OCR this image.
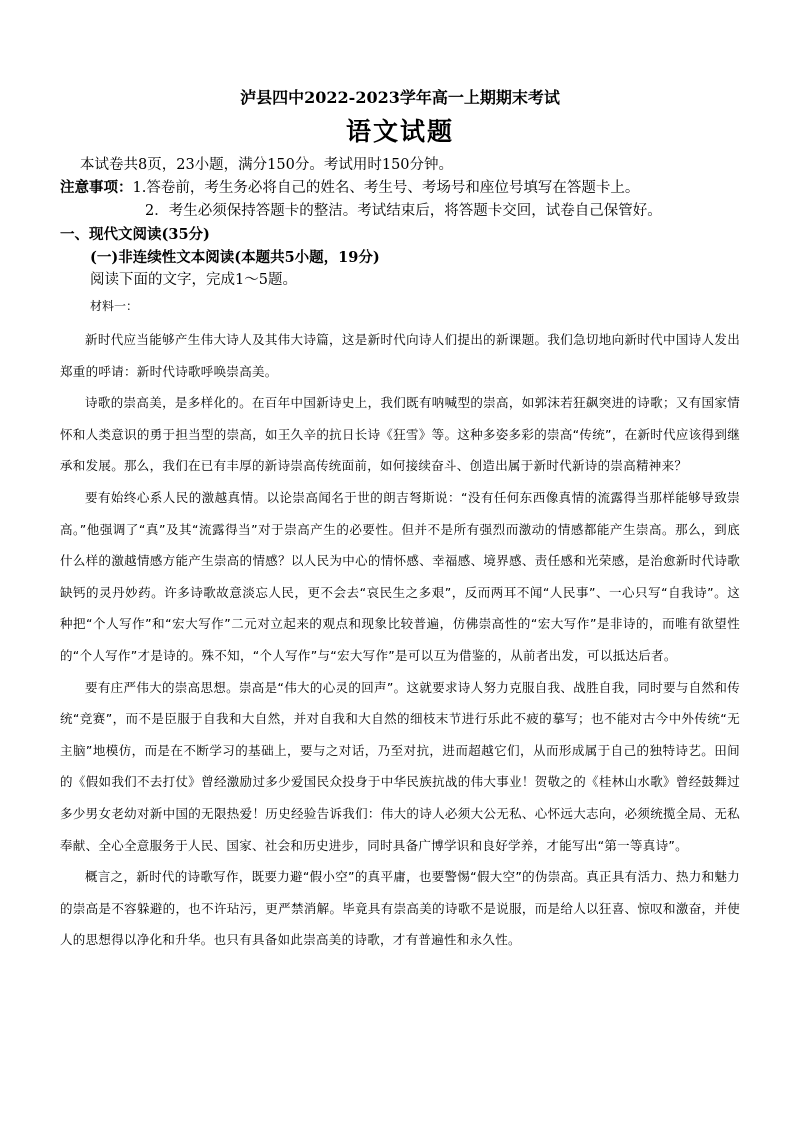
泸县四中2022-2023学年高一上期期末考试

语文试题

本试卷共8页，23小题，满分150分。考试用时150分钟。

注意事项：1.答卷前，考生务必将自己的姓名、考生号、考场号和座位号填写在答题卡上。
2．考生必须保持答题卡的整洁。考试结束后，将答题卡交回，试卷自己保管好。

一、现代文阅读(35分)

(一)非连续性文本阅读(本题共5小题，19分)

阅读下面的文字，完成1～5题。

材料一：

新时代应当能够产生伟大诗人及其伟大诗篇，这是新时代向诗人们提出的新课题。我们急切地向新时代中国诗人发出郑重的呼请：新时代诗歌呼唤崇高美。

诗歌的崇高美，是多样化的。在百年中国新诗史上，我们既有呐喊型的崇高，如郭沫若狂飙突进的诗歌；又有国家情怀和人类意识的勇于担当型的崇高，如王久辛的抗日长诗《狂雪》等。这种多姿多彩的崇高“传统”，在新时代应该得到继承和发展。那么，我们在已有丰厚的新诗崇高传统面前，如何接续奋斗、创造出属于新时代新诗的崇高精神来？

要有始终心系人民的激越真情。以论崇高闻名于世的朗吉弩斯说：“没有任何东西像真情的流露得当那样能够导致崇高。”他强调了“真”及其“流露得当”对于崇高产生的必要性。但并不是所有强烈而激动的情感都能产生崇高。那么，到底什么样的激越情感方能产生崇高的情感？以人民为中心的情怀感、幸福感、境界感、责任感和光荣感，是治愈新时代诗歌缺钙的灵丹妙药。许多诗歌故意淡忘人民，更不会去“哀民生之多艰”，反而两耳不闻“人民事”、一心只写“自我诗”。这种把“个人写作”和“宏大写作”二元对立起来的观点和现象比较普遍，仿佛崇高性的“宏大写作”是非诗的，而唯有欲望性的“个人写作”才是诗的。殊不知，“个人写作”与“宏大写作”是可以互为借鉴的，从前者出发，可以抵达后者。

要有庄严伟大的崇高思想。崇高是“伟大的心灵的回声”。这就要求诗人努力克服自我、战胜自我，同时要与自然和传统“竞赛”，而不是臣服于自我和大自然，并对自我和大自然的细枝末节进行乐此不疲的摹写；也不能对古今中外传统“无主脑”地模仿，而是在不断学习的基础上，要与之对话，乃至对抗，进而超越它们，从而形成属于自己的独特诗艺。田间的《假如我们不去打仗》曾经激励过多少爱国民众投身于中华民族抗战的伟大事业！贺敬之的《桂林山水歌》曾经鼓舞过多少男女老幼对新中国的无限热爱！历史经验告诉我们：伟大的诗人必须大公无私、心怀远大志向，必须统揽全局、无私奉献、全心全意服务于人民、国家、社会和历史进步，同时具备广博学识和良好学养，才能写出“第一等真诗”。

概言之，新时代的诗歌写作，既要力避“假小空”的真平庸，也要警惕“假大空”的伪崇高。真正具有活力、热力和魅力的崇高是不容躲避的，也不许玷污，更严禁消解。毕竟具有崇高美的诗歌不是说服，而是给人以狂喜、惊叹和激奋，并使人的思想得以净化和升华。也只有具备如此崇高美的诗歌，才有普遍性和永久性。
